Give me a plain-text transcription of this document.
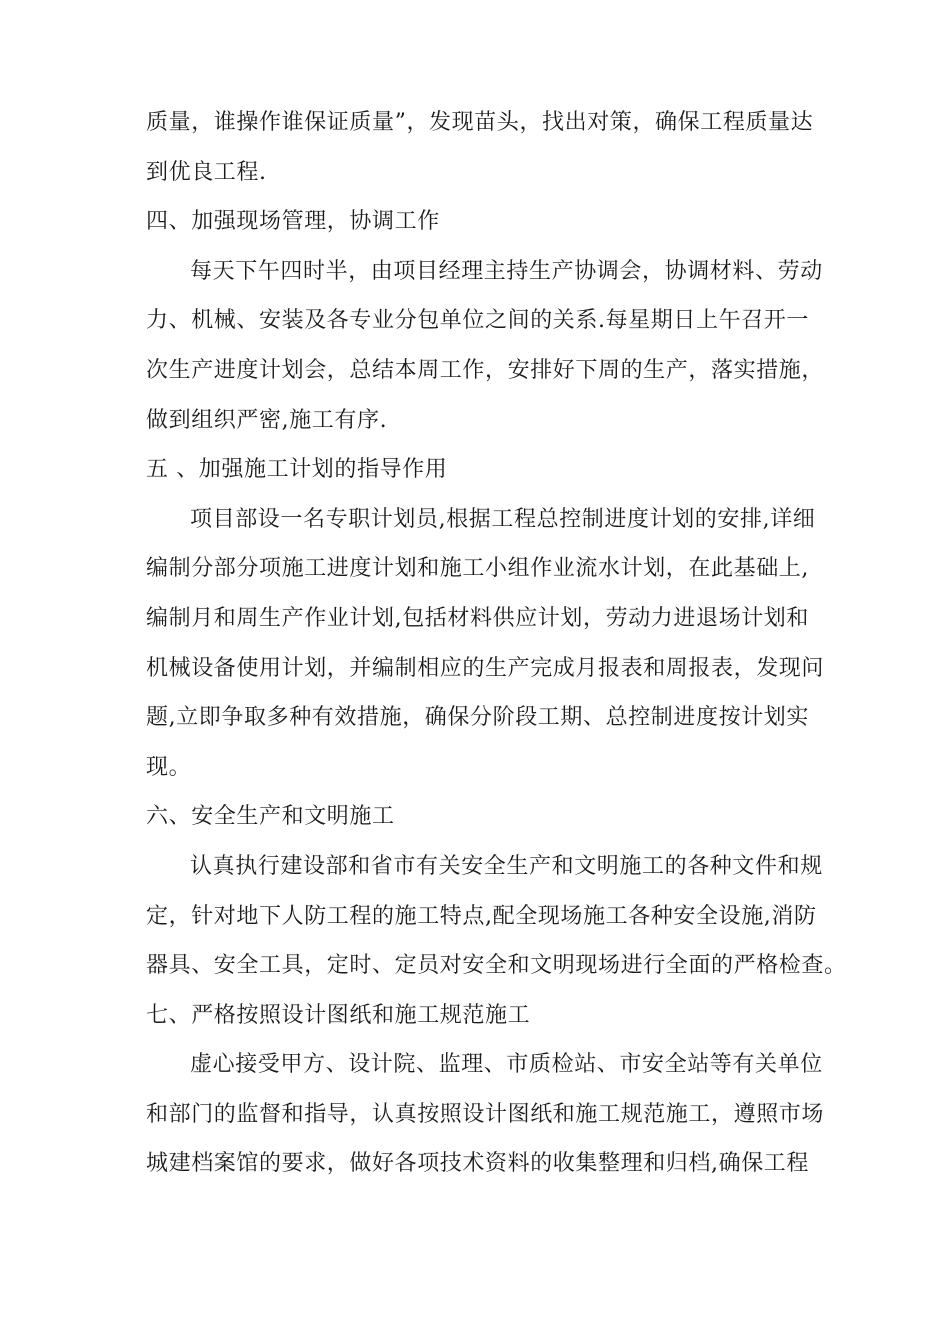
质量，谁操作谁保证质量”，发现苗头，找出对策，确保工程质量达
到优良工程.
四、加强现场管理，协调工作
每天下午四时半，由项目经理主持生产协调会，协调材料、劳动
力、机械、安装及各专业分包单位之间的关系.每星期日上午召开一
次生产进度计划会，总结本周工作，安排好下周的生产，落实措施，
做到组织严密,施工有序.
五 、加强施工计划的指导作用
项目部设一名专职计划员,根据工程总控制进度计划的安排,详细
编制分部分项施工进度计划和施工小组作业流水计划，在此基础上,
编制月和周生产作业计划,包括材料供应计划，劳动力进退场计划和
机械设备使用计划，并编制相应的生产完成月报表和周报表，发现问
题,立即争取多种有效措施，确保分阶段工期、总控制进度按计划实
现。
六、安全生产和文明施工
认真执行建设部和省市有关安全生产和文明施工的各种文件和规
定，针对地下人防工程的施工特点,配全现场施工各种安全设施,消防
器具、安全工具，定时、定员对安全和文明现场进行全面的严格检查。
七、严格按照设计图纸和施工规范施工
虚心接受甲方、设计院、监理、市质检站、市安全站等有关单位
和部门的监督和指导，认真按照设计图纸和施工规范施工，遵照市场
城建档案馆的要求，做好各项技术资料的收集整理和归档,确保工程
